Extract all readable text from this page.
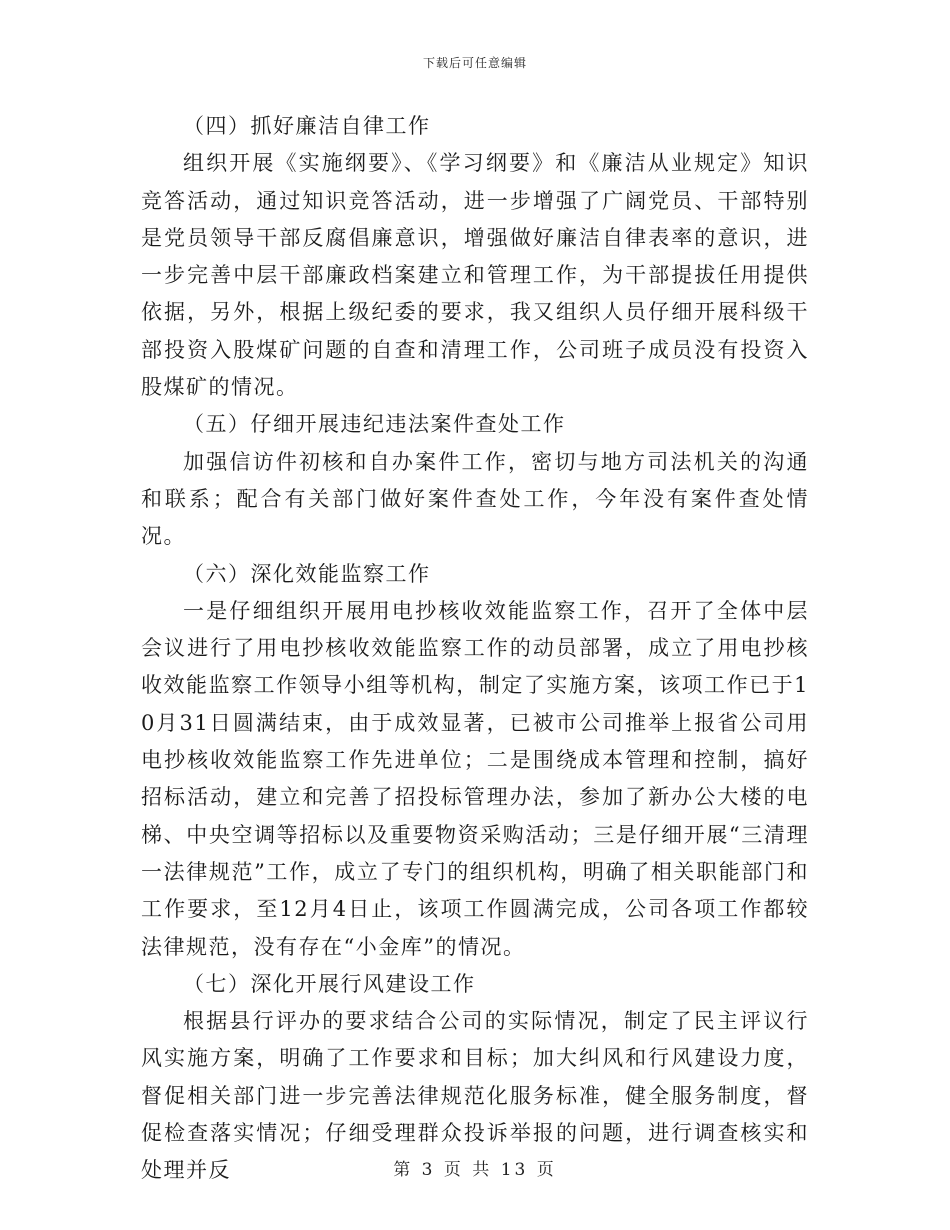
下载后可任意编辑

（四）抓好廉洁自律工作

组织开展《实施纲要》、《学习纲要》和《廉洁从业规定》知识竞答活动，通过知识竞答活动，进一步增强了广阔党员、干部特别是党员领导干部反腐倡廉意识，增强做好廉洁自律表率的意识，进一步完善中层干部廉政档案建立和管理工作，为干部提拔任用提供依据，另外，根据上级纪委的要求，我又组织人员仔细开展科级干部投资入股煤矿问题的自查和清理工作，公司班子成员没有投资入股煤矿的情况。

（五）仔细开展违纪违法案件查处工作

加强信访件初核和自办案件工作，密切与地方司法机关的沟通和联系；配合有关部门做好案件查处工作，今年没有案件查处情况。

（六）深化效能监察工作

一是仔细组织开展用电抄核收效能监察工作，召开了全体中层会议进行了用电抄核收效能监察工作的动员部署，成立了用电抄核收效能监察工作领导小组等机构，制定了实施方案，该项工作已于10月31日圆满结束，由于成效显著，已被市公司推举上报省公司用电抄核收效能监察工作先进单位；二是围绕成本管理和控制，搞好招标活动，建立和完善了招投标管理办法，参加了新办公大楼的电梯、中央空调等招标以及重要物资采购活动；三是仔细开展“三清理一法律规范”工作，成立了专门的组织机构，明确了相关职能部门和工作要求，至12月4日止，该项工作圆满完成，公司各项工作都较法律规范，没有存在“小金库”的情况。

（七）深化开展行风建设工作

根据县行评办的要求结合公司的实际情况，制定了民主评议行风实施方案，明确了工作要求和目标；加大纠风和行风建设力度，督促相关部门进一步完善法律规范化服务标准，健全服务制度，督促检查落实情况；仔细受理群众投诉举报的问题，进行调查核实和处理并反	第 3 页 共 13 页
